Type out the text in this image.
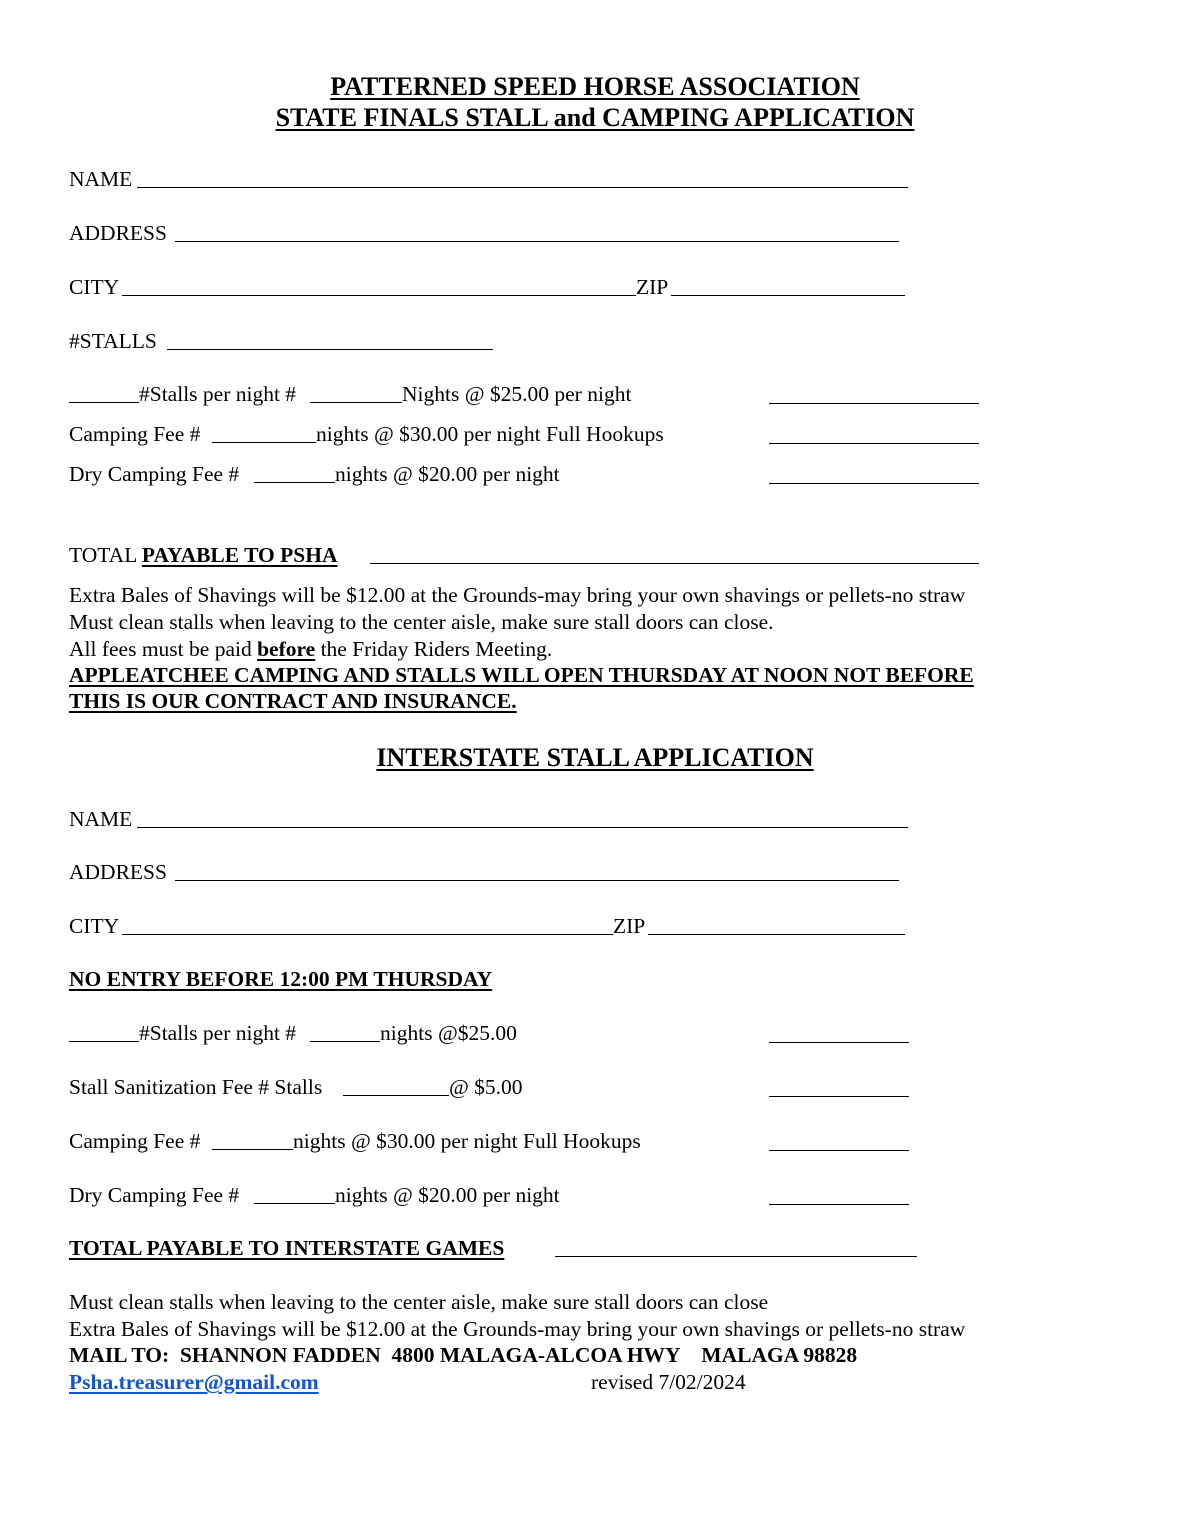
PATTERNED SPEED HORSE ASSOCIATION
STATE FINALS STALL and CAMPING APPLICATION
NAME
ADDRESS
CITY	ZIP
#STALLS
#Stalls per night #	Nights @ $25.00 per night
Camping Fee #	nights @ $30.00 per night Full Hookups
Dry Camping Fee #	nights @ $20.00 per night
TOTAL PAYABLE TO PSHA
Extra Bales of Shavings will be $12.00 at the Grounds-may bring your own shavings or pellets-no straw
Must clean stalls when leaving to the center aisle, make sure stall doors can close.
All fees must be paid before the Friday Riders Meeting.
APPLEATCHEE CAMPING AND STALLS WILL OPEN THURSDAY AT NOON NOT BEFORE
THIS IS OUR CONTRACT AND INSURANCE.
INTERSTATE STALL APPLICATION
NAME
ADDRESS
CITY	ZIP
NO ENTRY BEFORE 12:00 PM THURSDAY
#Stalls per night #	nights @$25.00
Stall Sanitization Fee # Stalls	@ $5.00
Camping Fee #	nights @ $30.00 per night Full Hookups
Dry Camping Fee #	nights @ $20.00 per night
TOTAL PAYABLE TO INTERSTATE GAMES
Must clean stalls when leaving to the center aisle, make sure stall doors can close
Extra Bales of Shavings will be $12.00 at the Grounds-may bring your own shavings or pellets-no straw
MAIL TO:  SHANNON FADDEN  4800 MALAGA-ALCOA HWY    MALAGA 98828
Psha.treasurer@gmail.com	revised 7/02/2024
